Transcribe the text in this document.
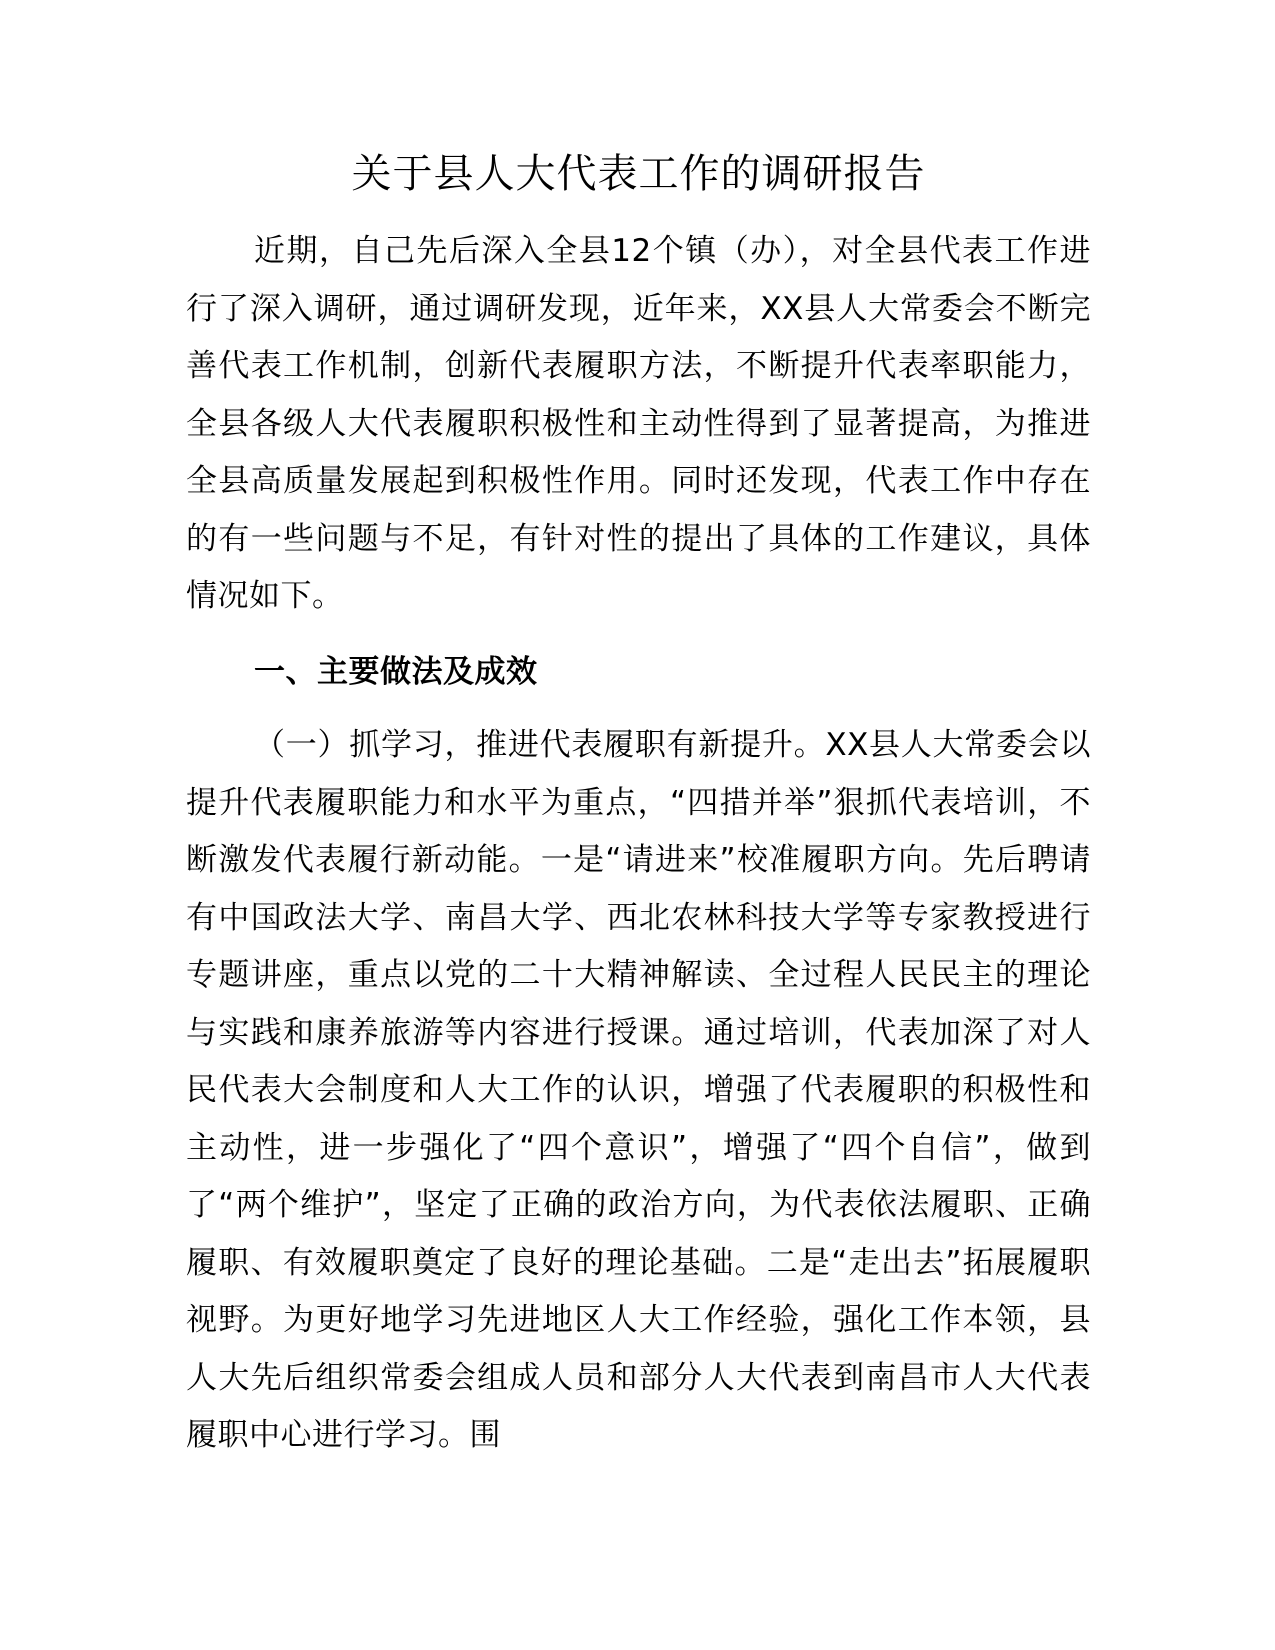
关于县人大代表工作的调研报告

近期，自己先后深入全县12个镇（办），对全县代表工作进行了深入调研，通过调研发现，近年来，XX县人大常委会不断完善代表工作机制，创新代表履职方法，不断提升代表率职能力，全县各级人大代表履职积极性和主动性得到了显著提高，为推进全县高质量发展起到积极性作用。同时还发现，代表工作中存在的有一些问题与不足，有针对性的提出了具体的工作建议，具体情况如下。

一、主要做法及成效

（一）抓学习，推进代表履职有新提升。XX县人大常委会以提升代表履职能力和水平为重点，“四措并举”狠抓代表培训，不断激发代表履行新动能。一是“请进来”校准履职方向。先后聘请有中国政法大学、南昌大学、西北农林科技大学等专家教授进行专题讲座，重点以党的二十大精神解读、全过程人民民主的理论与实践和康养旅游等内容进行授课。通过培训，代表加深了对人民代表大会制度和人大工作的认识，增强了代表履职的积极性和主动性，进一步强化了“四个意识”，增强了“四个自信”，做到了“两个维护”，坚定了正确的政治方向，为代表依法履职、正确履职、有效履职奠定了良好的理论基础。二是“走出去”拓展履职视野。为更好地学习先进地区人大工作经验，强化工作本领，县人大先后组织常委会组成人员和部分人大代表到南昌市人大代表履职中心进行学习。围
